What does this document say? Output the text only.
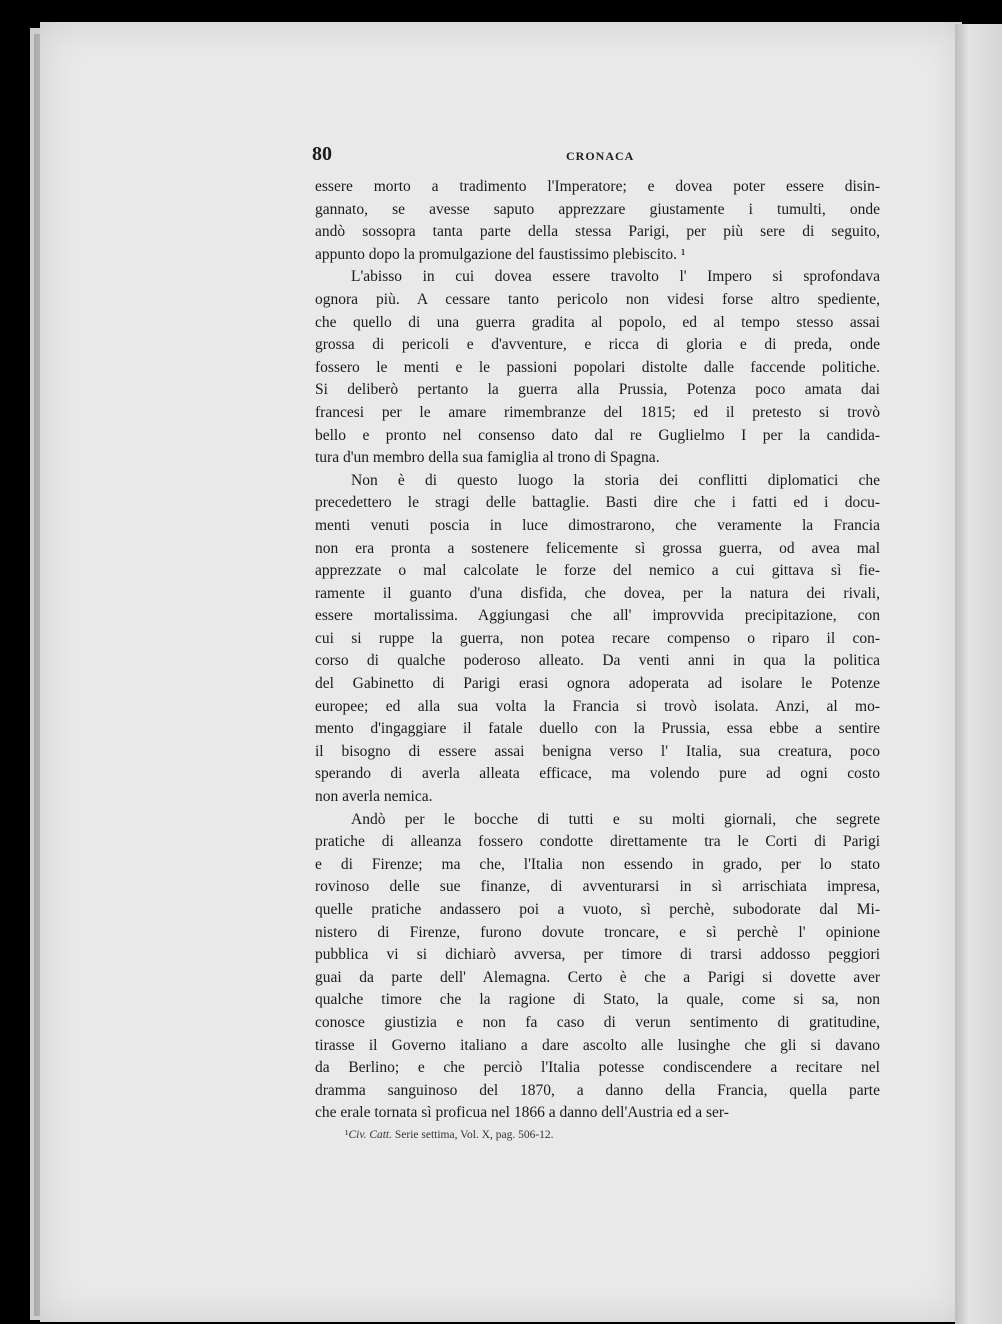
80	CRONACA
essere morto a tradimento l'Imperatore; e dovea poter essere disin-
gannato, se avesse saputo apprezzare giustamente i tumulti, onde
andò sossopra tanta parte della stessa Parigi, per più sere di seguito,
appunto dopo la promulgazione del faustissimo plebiscito. ¹
L'abisso in cui dovea essere travolto l' Impero si sprofondava
ognora più. A cessare tanto pericolo non videsi forse altro spediente,
che quello di una guerra gradita al popolo, ed al tempo stesso assai
grossa di pericoli e d'avventure, e ricca di gloria e di preda, onde
fossero le menti e le passioni popolari distolte dalle faccende politiche.
Si deliberò pertanto la guerra alla Prussia, Potenza poco amata dai
francesi per le amare rimembranze del 1815; ed il pretesto si trovò
bello e pronto nel consenso dato dal re Guglielmo I per la candida-
tura d'un membro della sua famiglia al trono di Spagna.
Non è di questo luogo la storia dei conflitti diplomatici che
precedettero le stragi delle battaglie. Basti dire che i fatti ed i docu-
menti venuti poscia in luce dimostrarono, che veramente la Francia
non era pronta a sostenere felicemente sì grossa guerra, od avea mal
apprezzate o mal calcolate le forze del nemico a cui gittava sì fie-
ramente il guanto d'una disfida, che dovea, per la natura dei rivali,
essere mortalissima. Aggiungasi che all' improvvida precipitazione, con
cui si ruppe la guerra, non potea recare compenso o riparo il con-
corso di qualche poderoso alleato. Da venti anni in qua la politica
del Gabinetto di Parigi erasi ognora adoperata ad isolare le Potenze
europee; ed alla sua volta la Francia si trovò isolata. Anzi, al mo-
mento d'ingaggiare il fatale duello con la Prussia, essa ebbe a sentire
il bisogno di essere assai benigna verso l' Italia, sua creatura, poco
sperando di averla alleata efficace, ma volendo pure ad ogni costo
non averla nemica.
Andò per le bocche di tutti e su molti giornali, che segrete
pratiche di alleanza fossero condotte direttamente tra le Corti di Parigi
e di Firenze; ma che, l'Italia non essendo in grado, per lo stato
rovinoso delle sue finanze, di avventurarsi in sì arrischiata impresa,
quelle pratiche andassero poi a vuoto, sì perchè, subodorate dal Mi-
nistero di Firenze, furono dovute troncare, e sì perchè l' opinione
pubblica vi si dichiarò avversa, per timore di trarsi addosso peggiori
guai da parte dell' Alemagna. Certo è che a Parigi si dovette aver
qualche timore che la ragione di Stato, la quale, come si sa, non
conosce giustizia e non fa caso di verun sentimento di gratitudine,
tirasse il Governo italiano a dare ascolto alle lusinghe che gli si davano
da Berlino; e che perciò l'Italia potesse condiscendere a recitare nel
dramma sanguinoso del 1870, a danno della Francia, quella parte
che erale tornata sì proficua nel 1866 a danno dell'Austria ed a ser-
¹Civ. Catt. Serie settima, Vol. X, pag. 506-12.
